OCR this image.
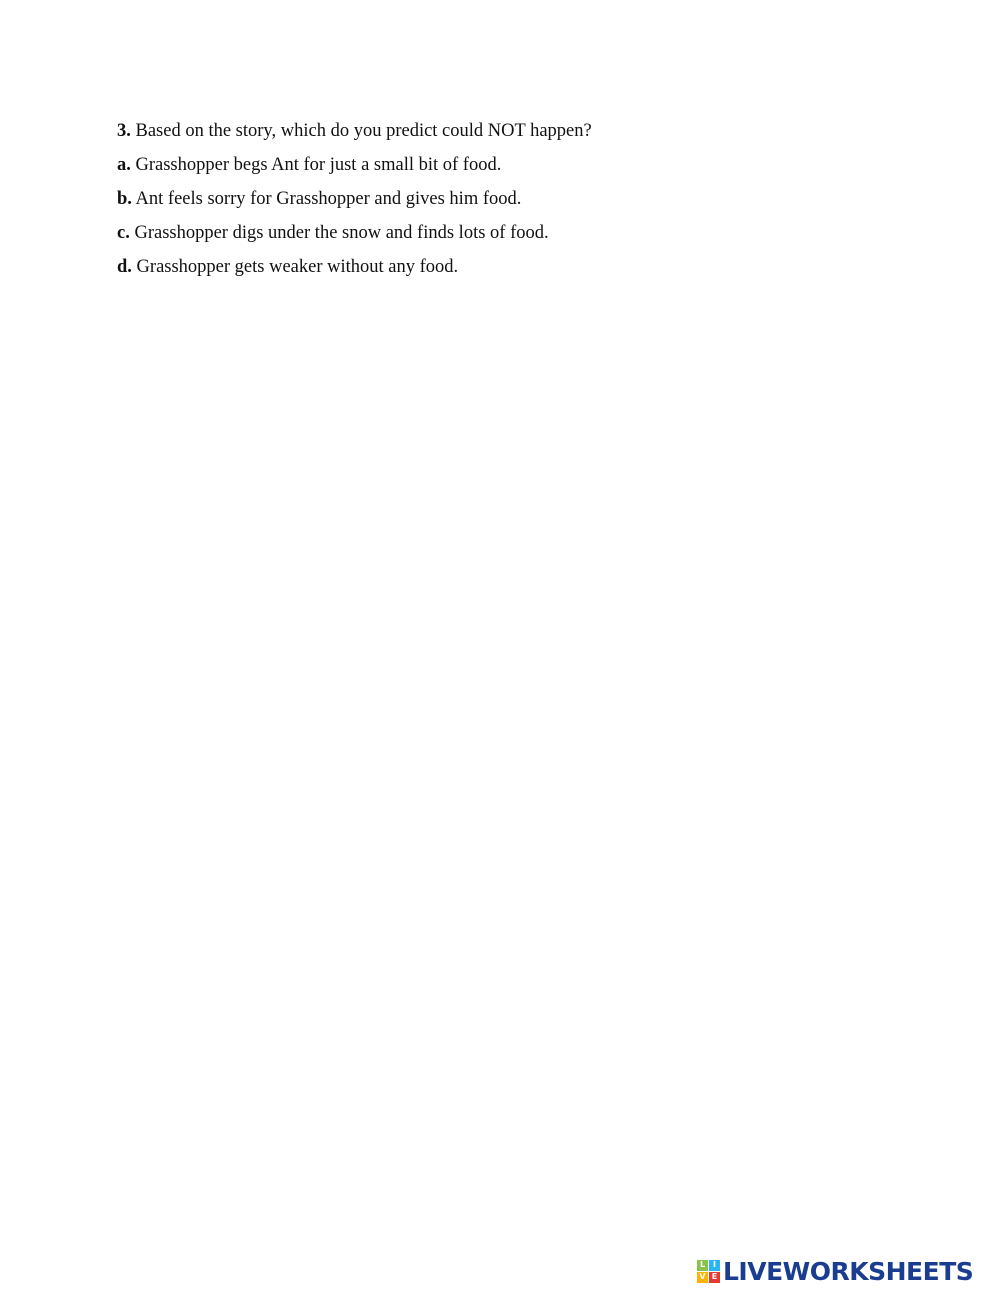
3. Based on the story, which do you predict could NOT happen?
a. Grasshopper begs Ant for just a small bit of food.
b. Ant feels sorry for Grasshopper and gives him food.
c. Grasshopper digs under the snow and finds lots of food.
d. Grasshopper gets weaker without any food.
L I
V E LIVEWORKSHEETS
